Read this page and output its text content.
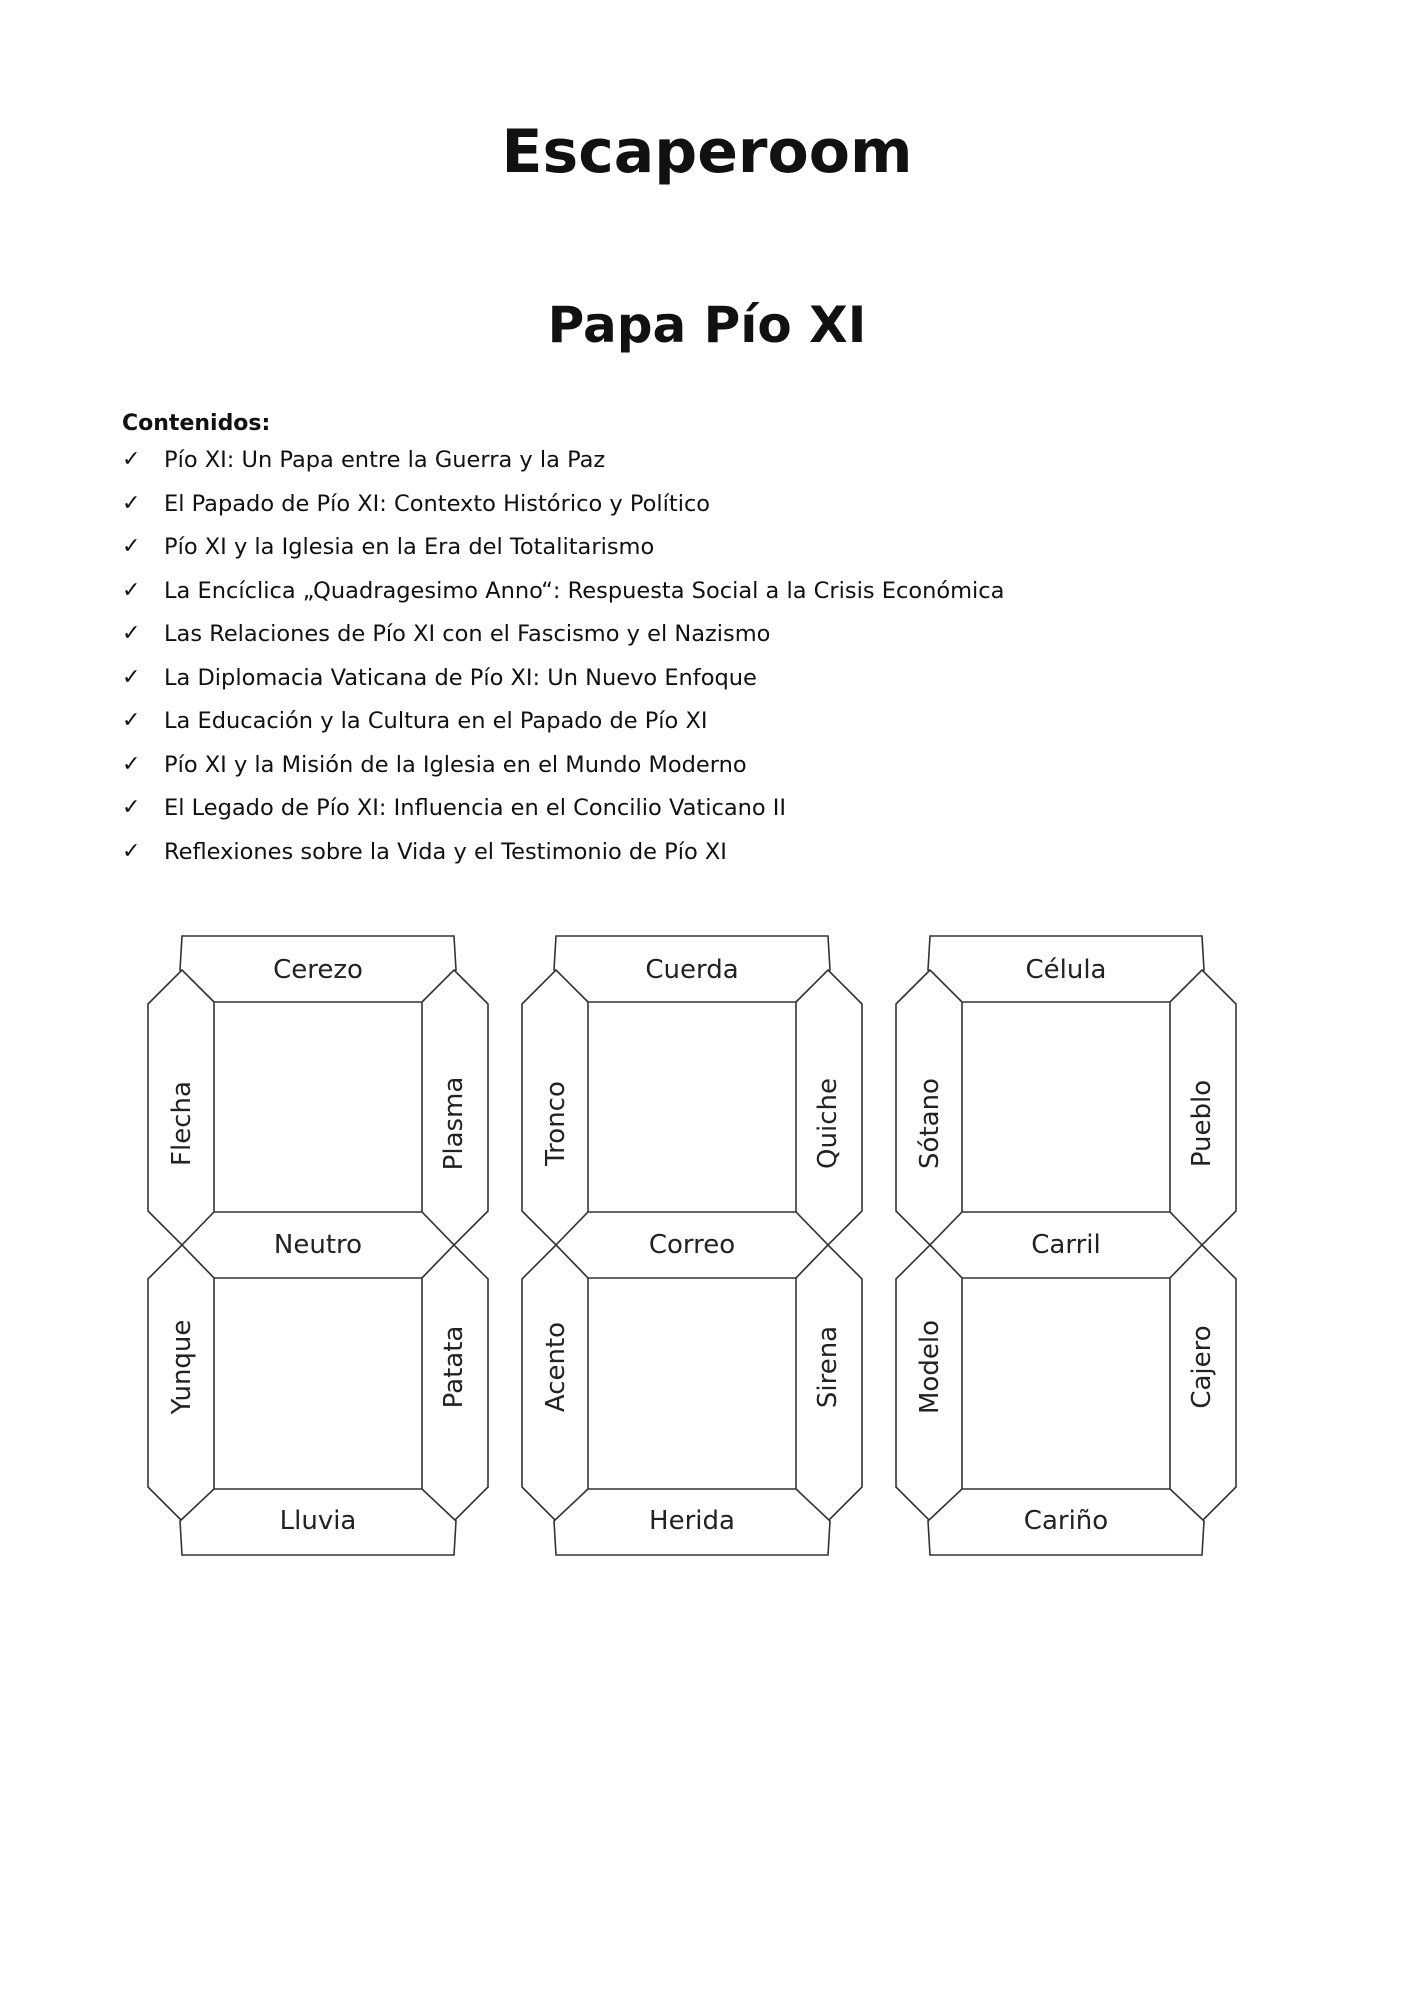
Escaperoom
Papa Pío XI
Contenidos:
✓	Pío XI: Un Papa entre la Guerra y la Paz
✓	El Papado de Pío XI: Contexto Histórico y Político
✓	Pío XI y la Iglesia en la Era del Totalitarismo
✓	La Encíclica „Quadragesimo Anno“: Respuesta Social a la Crisis Económica
✓	Las Relaciones de Pío XI con el Fascismo y el Nazismo
✓	La Diplomacia Vaticana de Pío XI: Un Nuevo Enfoque
✓	La Educación y la Cultura en el Papado de Pío XI
✓	Pío XI y la Misión de la Iglesia en el Mundo Moderno
✓	El Legado de Pío XI: Influencia en el Concilio Vaticano II
✓	Reflexiones sobre la Vida y el Testimonio de Pío XI
Cerezo
Neutro
Lluvia
Flecha	Plasma
Yunque	Patata
Cuerda
Correo
Herida
Tronco	Quiche
Acento	Sirena
Célula
Carril
Cariño
Sótano	Pueblo
Modelo	Cajero
